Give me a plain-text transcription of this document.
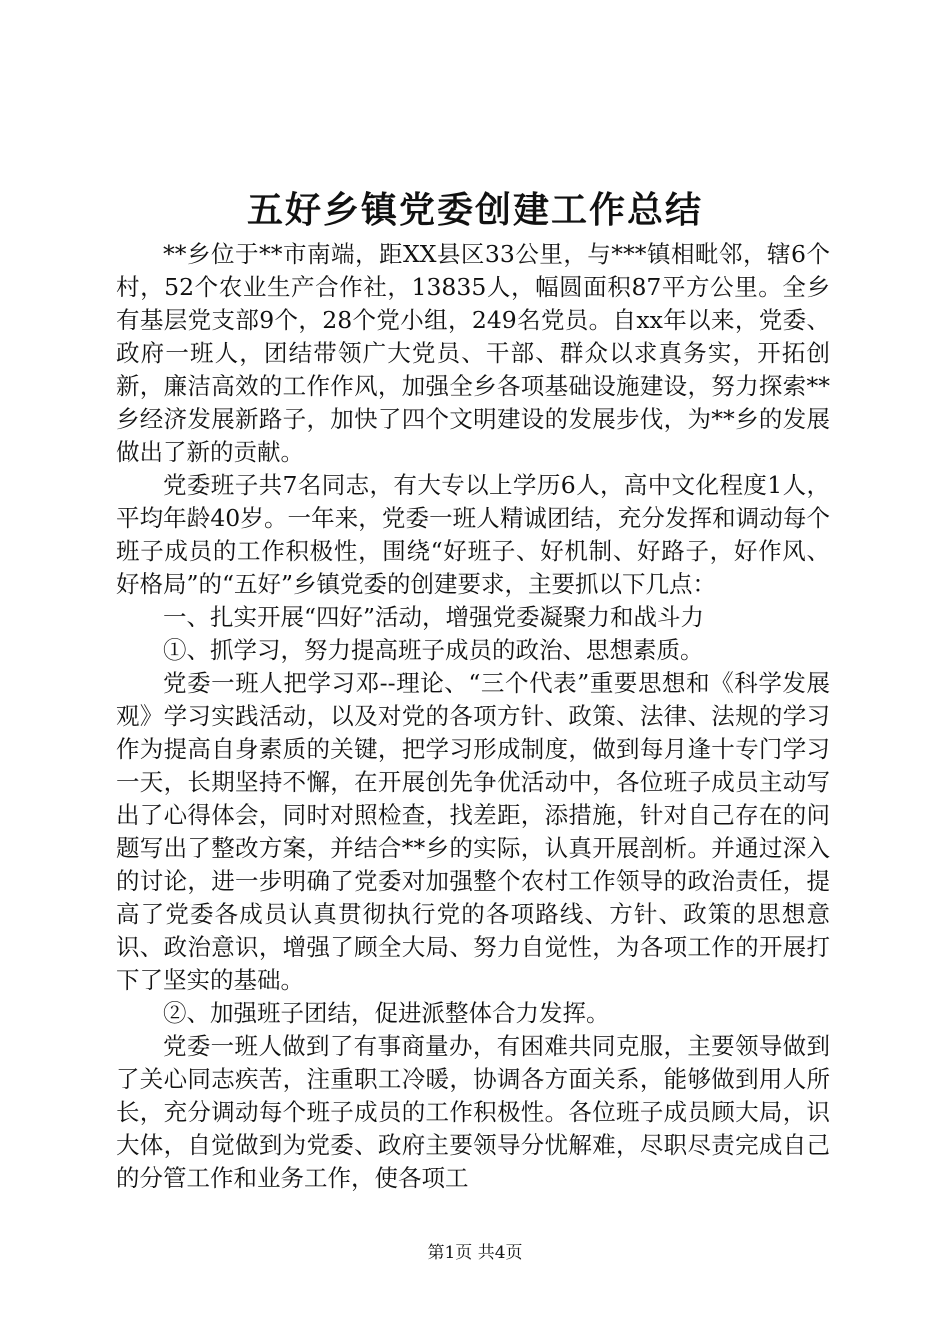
五好乡镇党委创建工作总结

**乡位于**市南端，距XX县区33公里，与***镇相毗邻，辖6个村，52个农业生产合作社，13835人，幅圆面积87平方公里。全乡有基层党支部9个，28个党小组，249名党员。自xx年以来，党委、政府一班人，团结带领广大党员、干部、群众以求真务实，开拓创新，廉洁高效的工作作风，加强全乡各项基础设施建设，努力探索**乡经济发展新路子，加快了四个文明建设的发展步伐，为**乡的发展做出了新的贡献。

党委班子共7名同志，有大专以上学历6人，高中文化程度1人，平均年龄40岁。一年来，党委一班人精诚团结，充分发挥和调动每个班子成员的工作积极性，围绕“好班子、好机制、好路子，好作风、好格局”的“五好”乡镇党委的创建要求，主要抓以下几点：

一、扎实开展“四好”活动，增强党委凝聚力和战斗力

①、抓学习，努力提高班子成员的政治、思想素质。

党委一班人把学习邓--理论、“三个代表”重要思想和《科学发展观》学习实践活动，以及对党的各项方针、政策、法律、法规的学习作为提高自身素质的关键，把学习形成制度，做到每月逢十专门学习一天，长期坚持不懈，在开展创先争优活动中，各位班子成员主动写出了心得体会，同时对照检查，找差距，添措施，针对自己存在的问题写出了整改方案，并结合**乡的实际，认真开展剖析。并通过深入的讨论，进一步明确了党委对加强整个农村工作领导的政治责任，提高了党委各成员认真贯彻执行党的各项路线、方针、政策的思想意识、政治意识，增强了顾全大局、努力自觉性，为各项工作的开展打下了坚实的基础。

②、加强班子团结，促进派整体合力发挥。

党委一班人做到了有事商量办，有困难共同克服，主要领导做到了关心同志疾苦，注重职工冷暖，协调各方面关系，能够做到用人所长，充分调动每个班子成员的工作积极性。各位班子成员顾大局，识大体，自觉做到为党委、政府主要领导分忧解难，尽职尽责完成自己的分管工作和业务工作，使各项工

第1页 共4页
